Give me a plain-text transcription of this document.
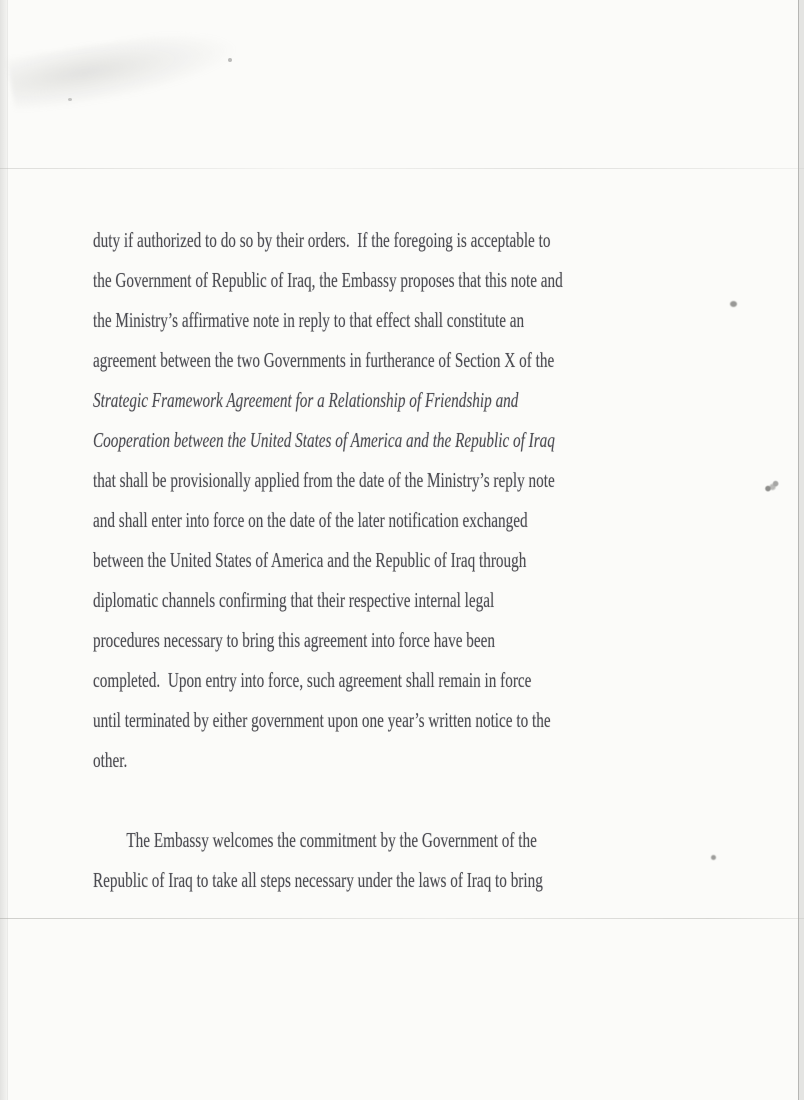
duty if authorized to do so by their orders.  If the foregoing is acceptable to
the Government of Republic of Iraq, the Embassy proposes that this note and
the Ministry’s affirmative note in reply to that effect shall constitute an
agreement between the two Governments in furtherance of Section X of the
Strategic Framework Agreement for a Relationship of Friendship and
Cooperation between the United States of America and the Republic of Iraq
that shall be provisionally applied from the date of the Ministry’s reply note
and shall enter into force on the date of the later notification exchanged
between the United States of America and the Republic of Iraq through
diplomatic channels confirming that their respective internal legal
procedures necessary to bring this agreement into force have been
completed.  Upon entry into force, such agreement shall remain in force
until terminated by either government upon one year’s written notice to the
other.
The Embassy welcomes the commitment by the Government of the
Republic of Iraq to take all steps necessary under the laws of Iraq to bring
